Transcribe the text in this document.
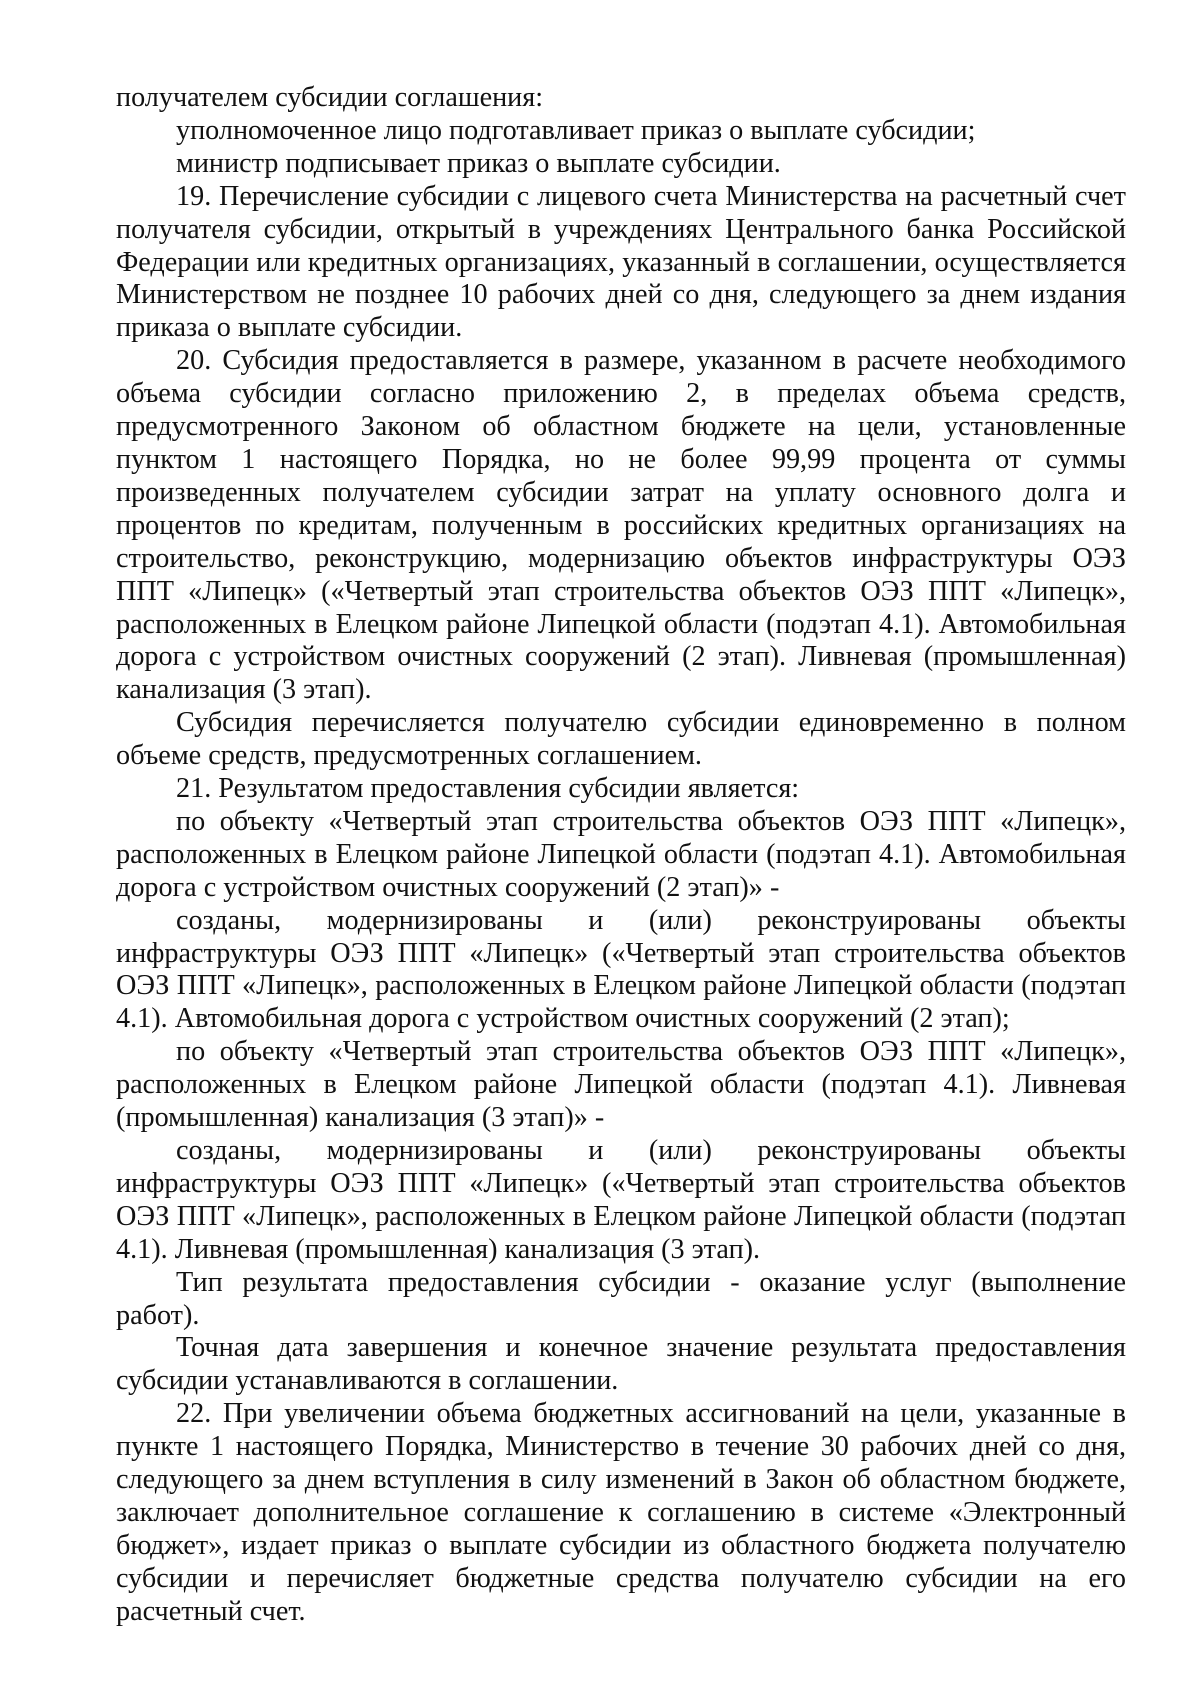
получателем субсидии соглашения:

уполномоченное лицо подготавливает приказ о выплате субсидии;

министр подписывает приказ о выплате субсидии.

19. Перечисление субсидии с лицевого счета Министерства на расчетный счет получателя субсидии, открытый в учреждениях Центрального банка Российской Федерации или кредитных организациях, указанный в соглашении, осуществляется Министерством не позднее 10 рабочих дней со дня, следующего за днем издания приказа о выплате субсидии.

20. Субсидия предоставляется в размере, указанном в расчете необходимого объема субсидии согласно приложению 2, в пределах объема средств, предусмотренного Законом об областном бюджете на цели, установленные пунктом 1 настоящего Порядка, но не более 99,99 процента от суммы произведенных получателем субсидии затрат на уплату основного долга и процентов по кредитам, полученным в российских кредитных организациях на строительство, реконструкцию, модернизацию объектов инфраструктуры ОЭЗ ППТ «Липецк» («Четвертый этап строительства объектов ОЭЗ ППТ «Липецк», расположенных в Елецком районе Липецкой области (подэтап 4.1). Автомобильная дорога с устройством очистных сооружений (2 этап). Ливневая (промышленная) канализация (3 этап).

Субсидия перечисляется получателю субсидии единовременно в полном объеме средств, предусмотренных соглашением.

21. Результатом предоставления субсидии является:

по объекту «Четвертый этап строительства объектов ОЭЗ ППТ «Липецк», расположенных в Елецком районе Липецкой области (подэтап 4.1). Автомобильная дорога с устройством очистных сооружений (2 этап)» -

созданы, модернизированы и (или) реконструированы объекты инфраструктуры ОЭЗ ППТ «Липецк» («Четвертый этап строительства объектов ОЭЗ ППТ «Липецк», расположенных в Елецком районе Липецкой области (подэтап 4.1). Автомобильная дорога с устройством очистных сооружений (2 этап);

по объекту «Четвертый этап строительства объектов ОЭЗ ППТ «Липецк», расположенных в Елецком районе Липецкой области (подэтап 4.1). Ливневая (промышленная) канализация (3 этап)» -

созданы, модернизированы и (или) реконструированы объекты инфраструктуры ОЭЗ ППТ «Липецк» («Четвертый этап строительства объектов ОЭЗ ППТ «Липецк», расположенных в Елецком районе Липецкой области (подэтап 4.1). Ливневая (промышленная) канализация (3 этап).

Тип результата предоставления субсидии - оказание услуг (выполнение работ).

Точная дата завершения и конечное значение результата предоставления субсидии устанавливаются в соглашении.

22. При увеличении объема бюджетных ассигнований на цели, указанные в пункте 1 настоящего Порядка, Министерство в течение 30 рабочих дней со дня, следующего за днем вступления в силу изменений в Закон об областном бюджете, заключает дополнительное соглашение к соглашению в системе «Электронный бюджет», издает приказ о выплате субсидии из областного бюджета получателю субсидии и перечисляет бюджетные средства получателю субсидии на его расчетный счет.
